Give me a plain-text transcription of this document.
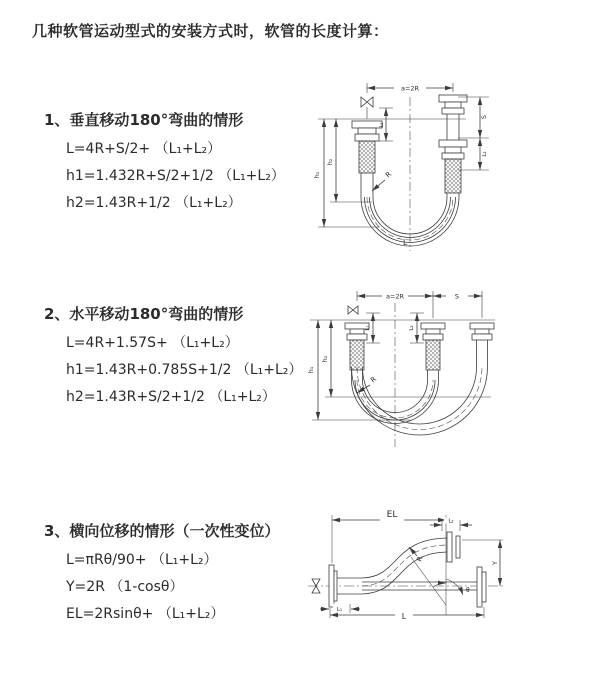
几种软管运动型式的安装方式时，软管的长度计算：
1、垂直移动180°弯曲的情形
L=4R+S/2+ （L₁+L₂）
h1=1.432R+S/2+1/2 （L₁+L₂）
h2=1.43R+1/2 （L₁+L₂）
a=2R
h₁
h₂
L₁
S
L₂
R
L
2、水平移动180°弯曲的情形
L=4R+1.57S+ （L₁+L₂）
h1=1.43R+0.785S+1/2 （L₁+L₂）
h2=1.43R+S/2+1/2 （L₁+L₂）
a=2R	S
h₁
h₂
L₁	L₂
R
3、横向位移的情形（一次性变位）
L=πRθ/90+ （L₁+L₂）
Y=2R （1-cosθ）
EL=2Rsinθ+ （L₁+L₂）
EL
L₂
Y
R
θ
L
L₁
